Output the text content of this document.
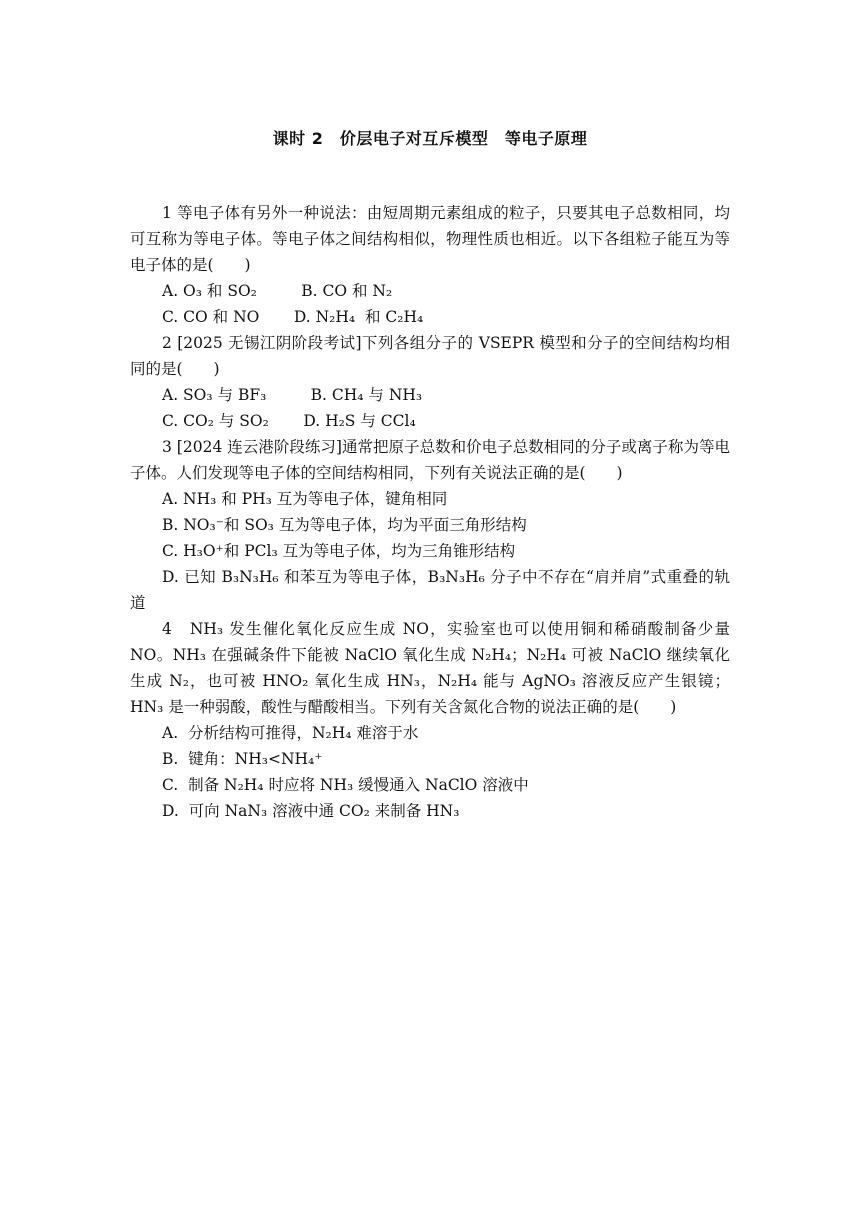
课时 2　价层电子对互斥模型　等电子原理

1 等电子体有另外一种说法：由短周期元素组成的粒子，只要其电子总数相同，均可互称为等电子体。等电子体之间结构相似，物理性质也相近。以下各组粒子能互为等电子体的是(　　)

A. O₃ 和 SO₂	B. CO 和 N₂

C. CO 和 NO D. N₂H₄  和 C₂H₄

2 [2025 无锡江阴阶段考试]下列各组分子的 VSEPR 模型和分子的空间结构均相同的是(　　)

A. SO₃ 与 BF₃	B. CH₄ 与 NH₃

C. CO₂ 与 SO₂ D. H₂S 与 CCl₄

3 [2024 连云港阶段练习]通常把原子总数和价电子总数相同的分子或离子称为等电子体。人们发现等电子体的空间结构相同，下列有关说法正确的是(　　)

A. NH₃ 和 PH₃ 互为等电子体，键角相同

B. NO₃⁻和 SO₃ 互为等电子体，均为平面三角形结构

C. H₃O⁺和 PCl₃ 互为等电子体，均为三角锥形结构

D. 已知 B₃N₃H₆ 和苯互为等电子体，B₃N₃H₆ 分子中不存在“肩并肩”式重叠的轨道

4　NH₃ 发生催化氧化反应生成 NO，实验室也可以使用铜和稀硝酸制备少量 NO。NH₃ 在强碱条件下能被 NaClO 氧化生成 N₂H₄；N₂H₄ 可被 NaClO 继续氧化生成 N₂，也可被 HNO₂ 氧化生成 HN₃，N₂H₄ 能与 AgNO₃ 溶液反应产生银镜；HN₃ 是一种弱酸，酸性与醋酸相当。下列有关含氮化合物的说法正确的是(　　)

A.  分析结构可推得，N₂H₄ 难溶于水

B.  键角：NH₃<NH₄⁺

C.  制备 N₂H₄ 时应将 NH₃ 缓慢通入 NaClO 溶液中

D.  可向 NaN₃ 溶液中通 CO₂ 来制备 HN₃
